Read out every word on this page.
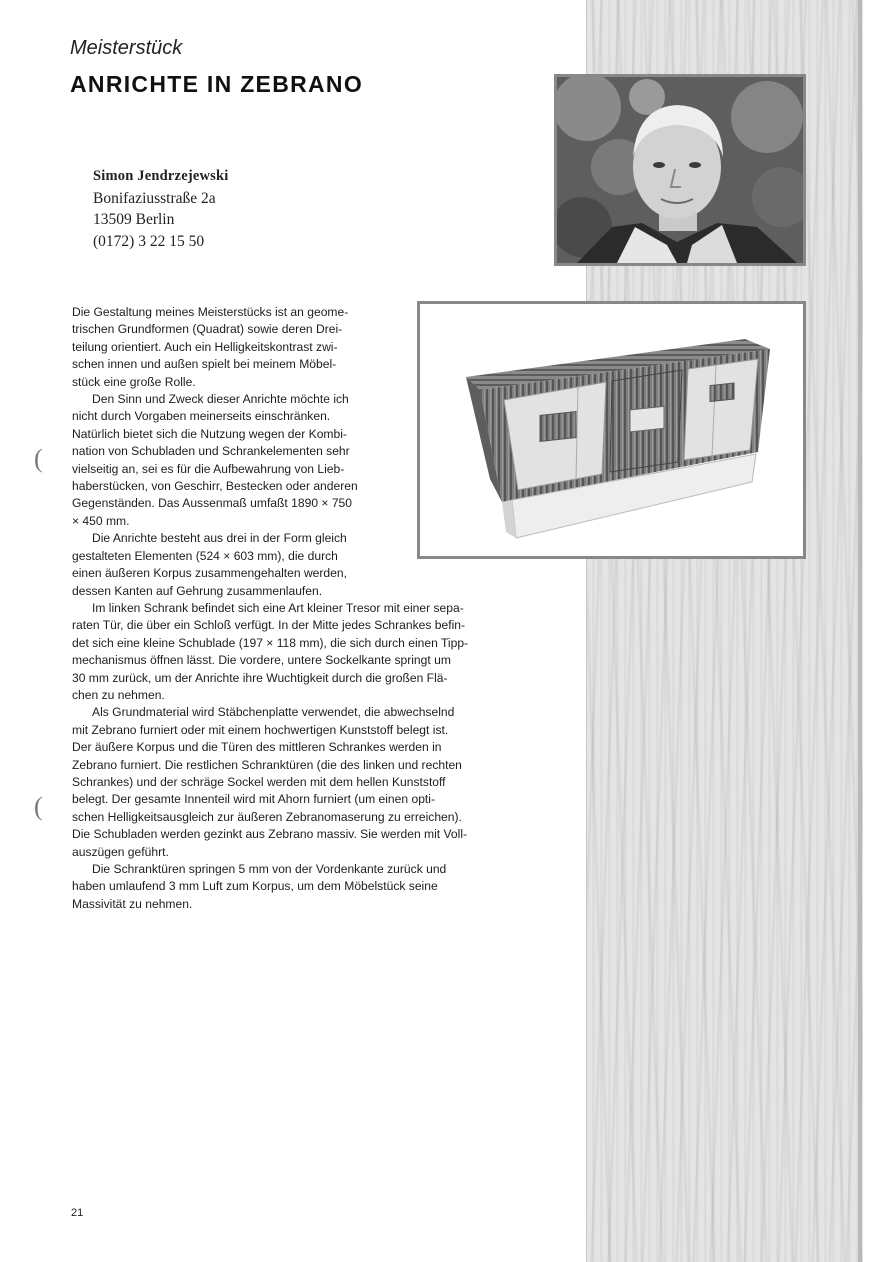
Meisterstück
ANRICHTE IN ZEBRANO
Simon Jendrzejewski
Bonifaziusstraße 2a
13509 Berlin
(0172) 3 22 15 50
Die Gestaltung meines Meisterstücks ist an geome-
trischen Grundformen (Quadrat) sowie deren Drei-
teilung orientiert. Auch ein Helligkeitskontrast zwi-
schen innen und außen spielt bei meinem Möbel-
stück eine große Rolle.
Den Sinn und Zweck dieser Anrichte möchte ich
nicht durch Vorgaben meinerseits einschränken.
Natürlich bietet sich die Nutzung wegen der Kombi-
nation von Schubladen und Schrankelementen sehr
vielseitig an, sei es für die Aufbewahrung von Lieb-
haberstücken, von Geschirr, Bestecken oder anderen
Gegenständen. Das Aussenmaß umfaßt 1890 × 750
× 450 mm.
Die Anrichte besteht aus drei in der Form gleich
gestalteten Elementen (524 × 603 mm), die durch
einen äußeren Korpus zusammengehalten werden,
dessen Kanten auf Gehrung zusammenlaufen.
Im linken Schrank befindet sich eine Art kleiner Tresor mit einer sepa-
raten Tür, die über ein Schloß verfügt. In der Mitte jedes Schrankes befin-
det sich eine kleine Schublade (197 × 118 mm), die sich durch einen Tipp-
mechanismus öffnen lässt. Die vordere, untere Sockelkante springt um
30 mm zurück, um der Anrichte ihre Wuchtigkeit durch die großen Flä-
chen zu nehmen.
Als Grundmaterial wird Stäbchenplatte verwendet, die abwechselnd
mit Zebrano furniert oder mit einem hochwertigen Kunststoff belegt ist.
Der äußere Korpus und die Türen des mittleren Schrankes werden in
Zebrano furniert. Die restlichen Schranktüren (die des linken und rechten
Schrankes) und der schräge Sockel werden mit dem hellen Kunststoff
belegt. Der gesamte Innenteil wird mit Ahorn furniert (um einen opti-
schen Helligkeitsausgleich zur äußeren Zebranomaserung zu erreichen).
Die Schubladen werden gezinkt aus Zebrano massiv. Sie werden mit Voll-
auszügen geführt.
Die Schranktüren springen 5 mm von der Vordenkante zurück und
haben umlaufend 3 mm Luft zum Korpus, um dem Möbelstück seine
Massivität zu nehmen.
(
(
21
